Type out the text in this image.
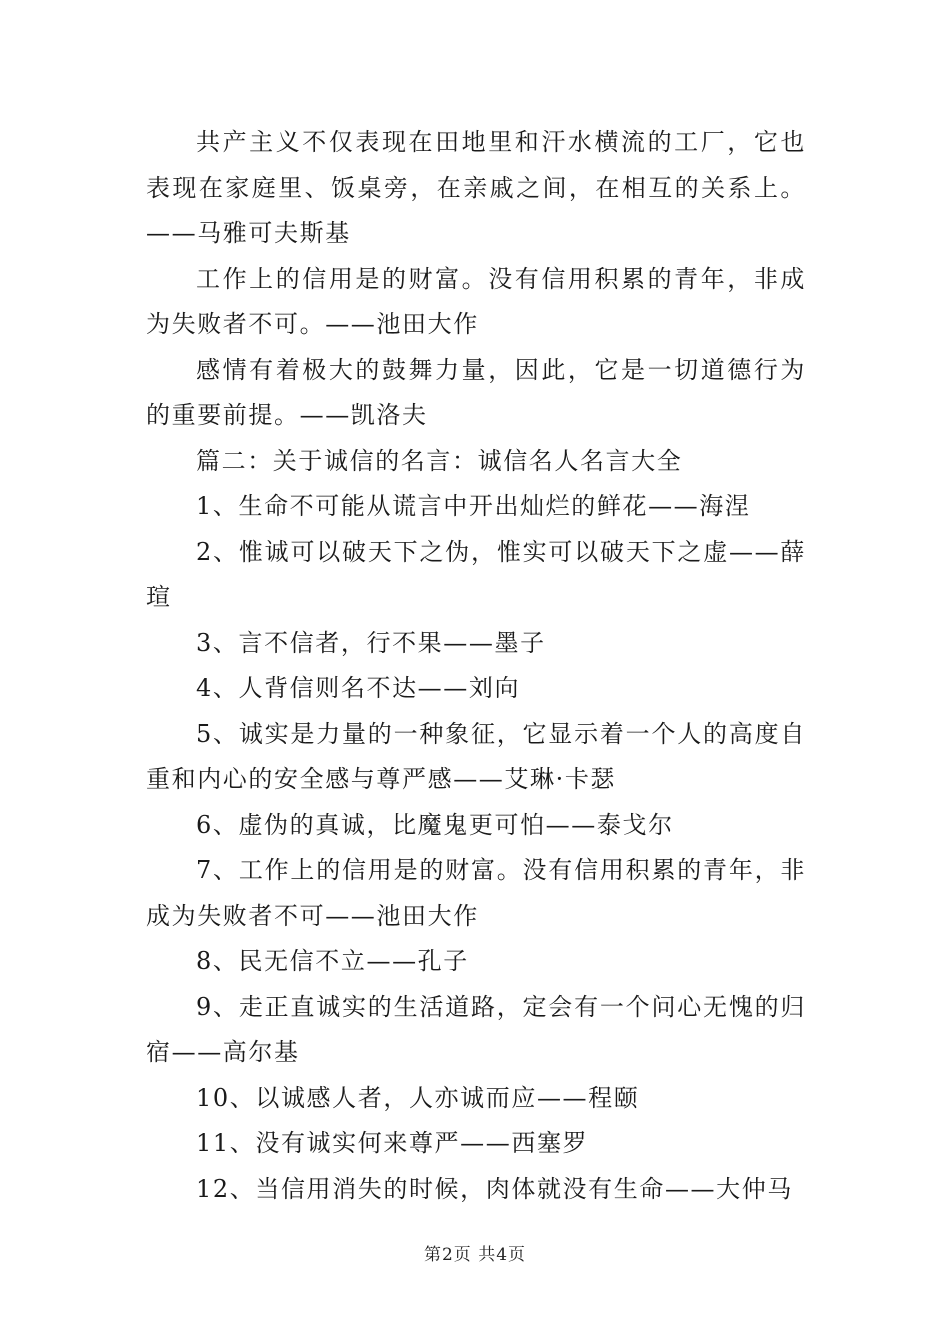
共产主义不仅表现在田地里和汗水横流的工厂，它也表现在家庭里、饭桌旁，在亲戚之间，在相互的关系上。——马雅可夫斯基

工作上的信用是的财富。没有信用积累的青年，非成为失败者不可。——池田大作

感情有着极大的鼓舞力量，因此，它是一切道德行为的重要前提。——凯洛夫

篇二：关于诚信的名言：诚信名人名言大全

1、生命不可能从谎言中开出灿烂的鲜花——海涅

2、惟诚可以破天下之伪，惟实可以破天下之虚——薛瑄

3、言不信者，行不果——墨子

4、人背信则名不达——刘向

5、诚实是力量的一种象征，它显示着一个人的高度自重和内心的安全感与尊严感——艾琳·卡瑟

6、虚伪的真诚，比魔鬼更可怕——泰戈尔

7、工作上的信用是的财富。没有信用积累的青年，非成为失败者不可——池田大作

8、民无信不立——孔子

9、走正直诚实的生活道路，定会有一个问心无愧的归宿——高尔基

10、以诚感人者，人亦诚而应——程颐

11、没有诚实何来尊严——西塞罗

12、当信用消失的时候，肉体就没有生命——大仲马

第2页 共4页
